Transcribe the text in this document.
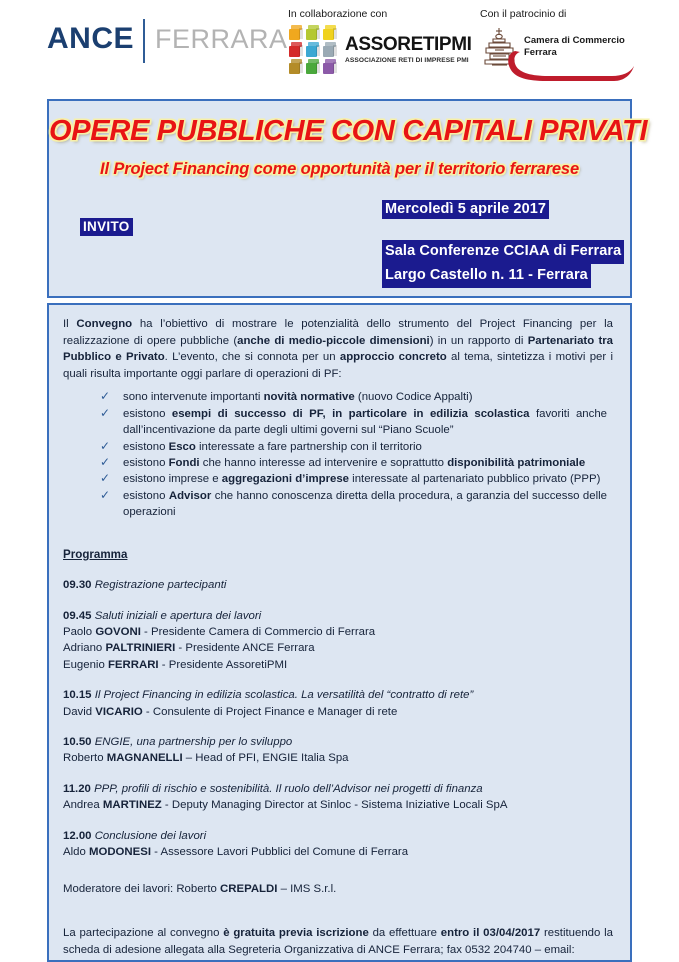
ANCE FERRARA
In collaborazione con
ASSORETIPMI
ASSOCIAZIONE RETI DI IMPRESE PMI
Con il patrocinio di
Camera di Commercio
Ferrara
OPERE PUBBLICHE CON CAPITALI PRIVATI
Il Project Financing come opportunità per il territorio ferrarese
INVITO
Mercoledì 5 aprile 2017
Sala Conferenze CCIAA di Ferrara
Largo Castello n. 11 - Ferrara

Il Convegno ha l’obiettivo di mostrare le potenzialità dello strumento del Project Financing per la realizzazione di opere pubbliche (anche di medio-piccole dimensioni) in un rapporto di Partenariato tra Pubblico e Privato. L’evento, che si connota per un approccio concreto al tema, sintetizza i motivi per i quali risulta importante oggi parlare di operazioni di PF:

✓ sono intervenute importanti novità normative (nuovo Codice Appalti)
✓ esistono esempi di successo di PF, in particolare in edilizia scolastica favoriti anche dall’incentivazione da parte degli ultimi governi sul “Piano Scuole”
✓ esistono Esco interessate a fare partnership con il territorio
✓ esistono Fondi che hanno interesse ad intervenire e soprattutto disponibilità patrimoniale
✓ esistono imprese e aggregazioni d’imprese interessate al partenariato pubblico privato (PPP)
✓ esistono Advisor che hanno conoscenza diretta della procedura, a garanzia del successo delle operazioni
Programma
09.30 Registrazione partecipanti
09.45 Saluti iniziali e apertura dei lavori
Paolo GOVONI - Presidente Camera di Commercio di Ferrara
Adriano PALTRINIERI - Presidente ANCE Ferrara
Eugenio FERRARI - Presidente AssoretiPMI
10.15 Il Project Financing in edilizia scolastica. La versatilità del “contratto di rete”
David VICARIO - Consulente di Project Finance e Manager di rete
10.50 ENGIE, una partnership per lo sviluppo
Roberto MAGNANELLI – Head of PFI, ENGIE Italia Spa
11.20 PPP, profili di rischio e sostenibilità. Il ruolo dell’Advisor nei progetti di finanza
Andrea MARTINEZ - Deputy Managing Director at Sinloc - Sistema Iniziative Locali SpA
12.00 Conclusione dei lavori
Aldo MODONESI - Assessore Lavori Pubblici del Comune di Ferrara
Moderatore dei lavori: Roberto CREPALDI – IMS S.r.l.

La partecipazione al convegno è gratuita previa iscrizione da effettuare entro il 03/04/2017 restituendo la scheda di adesione allegata alla Segreteria Organizzativa di ANCE Ferrara; fax 0532 204740 – email:
